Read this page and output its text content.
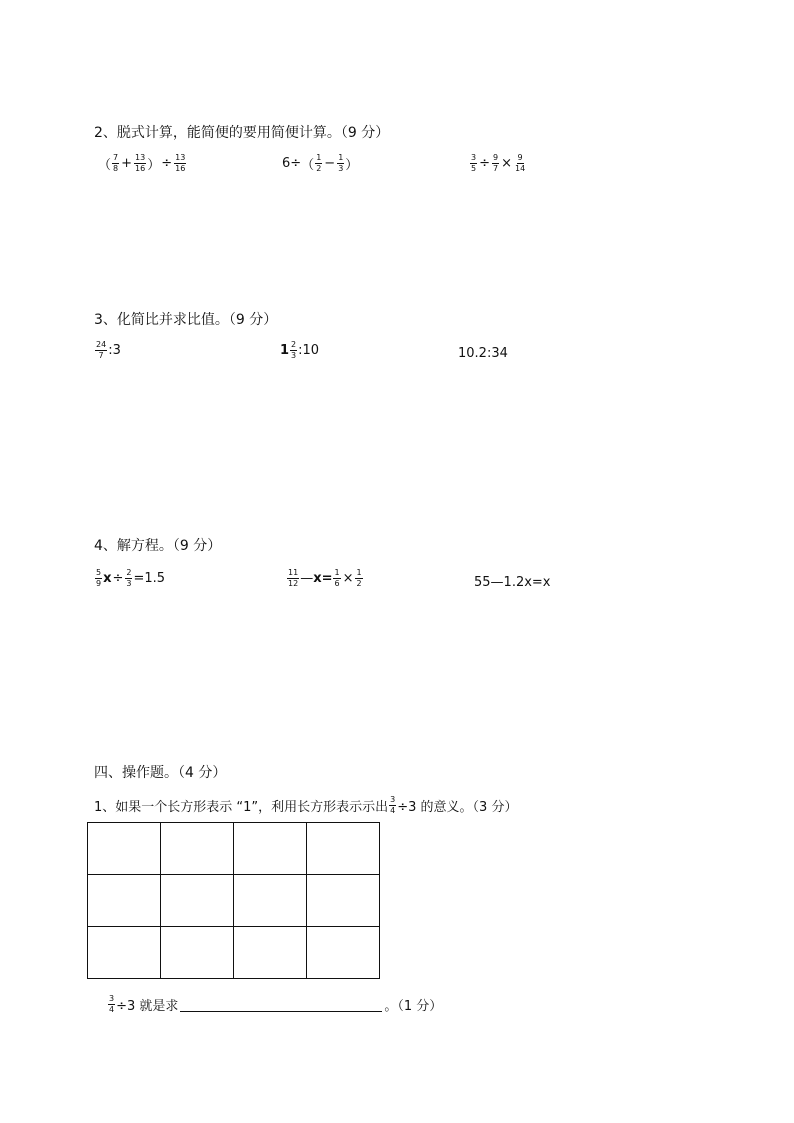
2、脱式计算，能简便的要用简便计算。（9 分）
（ $\frac{7}{8} + \frac{13}{16}$ ） ÷ $\frac{13}{16}$	6÷ （ $\frac{1}{2} - \frac{1}{3}$ ）	$\frac{3}{5} \div \frac{9}{7} \times \frac{9}{14}$
3、化简比并求比值。（9 分）
$\frac{24}{7}$ :3	$1 \frac{2}{3}$ :10	10.2:34
4、解方程。（9 分）
$\frac{5}{9}$ $x \div \frac{2}{3} =1.5$	$\frac{11}{12}$ — $x = \frac{1}{6} \times \frac{1}{2}$	55—1.2x=x
四、操作题。（4 分）
1、如果一个长方形表示 “1”，利用长方形表示示出 $\frac{3}{4} \div 3$ 的意义。（3 分）

$\frac{3}{4} \div 3$ 就是求	。（1 分）
